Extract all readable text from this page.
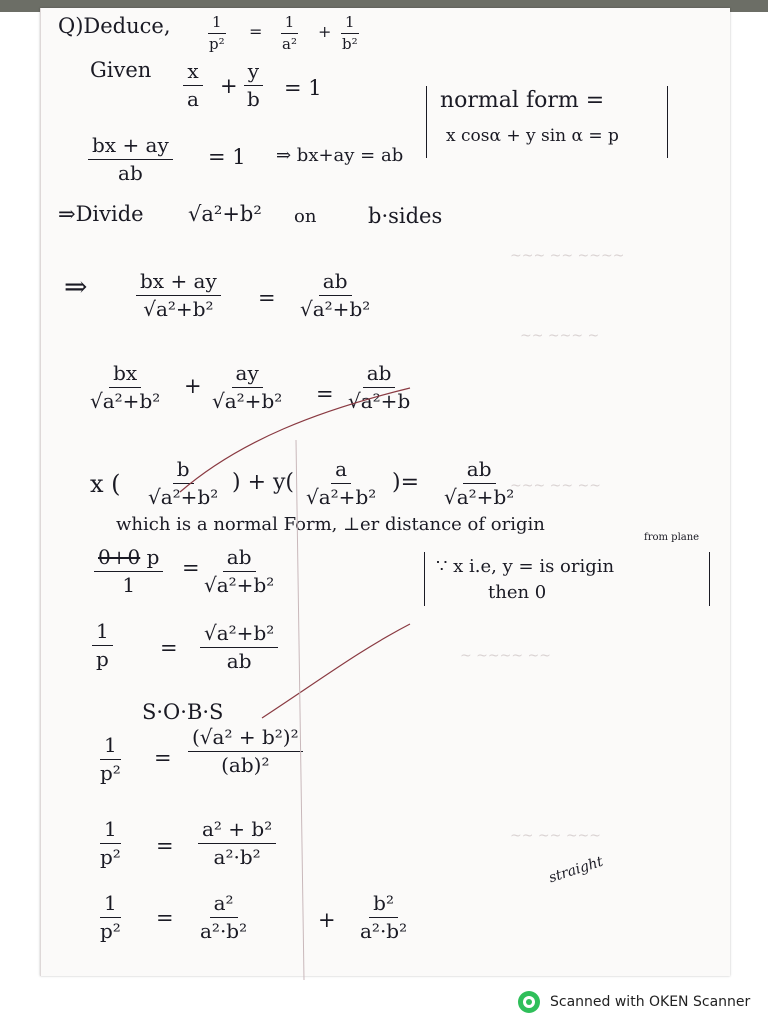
~~~ ~~ ~~~~
~~ ~~~ ~
~~~ ~~ ~~
~ ~~~~ ~~
~~ ~~ ~~~
Q)Deduce, $\frac{1}{\text{p²}} = \frac{1}{\text{a²}} + \frac{1}{\text{b²}}$
Given $\frac{x}{a} + \frac{y}{b} = 1$
$\frac{bx + ay}{ab} = 1$ ⇒ bx+ay = ab
normal form =
x cosα + y sin α = p
⇒Divide √a²+b² on b·sides
⇒ $\frac{bx + ay}{\text{√a²+b²}} = \frac{ab}{\text{√a²+b²}}$
$\frac{bx}{\text{√a²+b²}} + \frac{ay}{\text{√a²+b²}} = \frac{ab}{\text{√a²+b}}$
x ( $\frac{b}{\text{√a²+b²}}$ ) + $y( \frac{a}{\text{√a²+b²}}$ )= $\frac{ab}{\text{√a²+b²}}$
which is a normal Form, ⊥er distance of origin
from plane
$\frac{0+0 p}{1} = \frac{ab}{\text{√a²+b²}}$	∵ x i.e, y = is origin
then 0
$\frac{1}{p} = \frac{\text{√a²+b²}}{ab}$
S·O·B·S
$\frac{1}{\text{p²}} = \frac{\text{(√a² + b²)²}}{\text{(ab)²}}$
$\frac{1}{\text{p²}} = \frac{\text{a² + b²}}{\text{a²·b²}}$
straight
$\frac{1}{\text{p²}} = \frac{\text{a²}}{\text{a²·b²}}$	+ $\frac{\text{b²}}{\text{a²·b²}}$
Scanned with OKEN Scanner
